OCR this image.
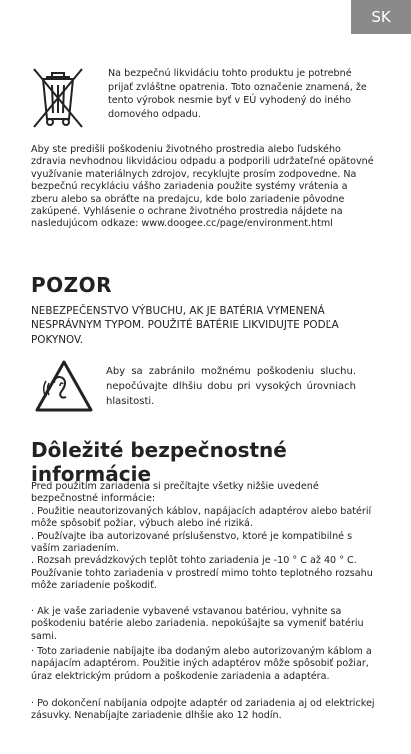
SK

Na bezpečnú likvidáciu tohto produktu je potrebné prijať zvláštne opatrenia. Toto označenie znamená, že tento výrobok nesmie byť v EÚ vyhodený do iného domového odpadu.

Aby ste predišli poškodeniu životného prostredia alebo ľudského zdravia nevhodnou likvidáciou odpadu a podporili udržateľné opätovné využívanie materiálnych zdrojov, recyklujte prosím zodpovedne. Na bezpečnú recykláciu vášho zariadenia použite systémy vrátenia a zberu alebo sa obráťte na predajcu, kde bolo zariadenie pôvodne zakúpené. Vyhlásenie o ochrane životného prostredia nájdete na nasledujúcom odkaze: www.doogee.cc/page/environment.html

POZOR

NEBEZPEČENSTVO VÝBUCHU, AK JE BATÉRIA VYMENENÁ NESPRÁVNYM TYPOM. POUŽITÉ BATÉRIE LIKVIDUJTE PODĽA POKYNOV.

Aby sa zabránilo možnému poškodeniu sluchu. nepočúvajte dlhšiu dobu pri vysokých úrovniach hlasitosti.

Dôležité bezpečnostné informácie

Pred použitím zariadenia si prečítajte všetky nižšie uvedené bezpečnostné informácie:
. Použitie neautorizovaných káblov, napájacích adaptérov alebo batérií môže spôsobiť požiar, výbuch alebo iné riziká.
. Používajte iba autorizované príslušenstvo, ktoré je kompatibilné s vaším zariadením.
. Rozsah prevádzkových teplôt tohto zariadenia je -10 ° C až 40 ° C. Používanie tohto zariadenia v prostredí mimo tohto teplotného rozsahu môže zariadenie poškodiť.

· Ak je vaše zariadenie vybavené vstavanou batériou, vyhnite sa poškodeniu batérie alebo zariadenia. nepokúšajte sa vymeniť batériu sami.

· Toto zariadenie nabíjajte iba dodaným alebo autorizovaným káblom a napájacím adaptérom. Použitie iných adaptérov môže spôsobiť požiar, úraz elektrickým prúdom a poškodenie zariadenia a adaptéra.

· Po dokončení nabíjania odpojte adaptér od zariadenia aj od elektrickej zásuvky. Nenabíjajte zariadenie dlhšie ako 12 hodín.
